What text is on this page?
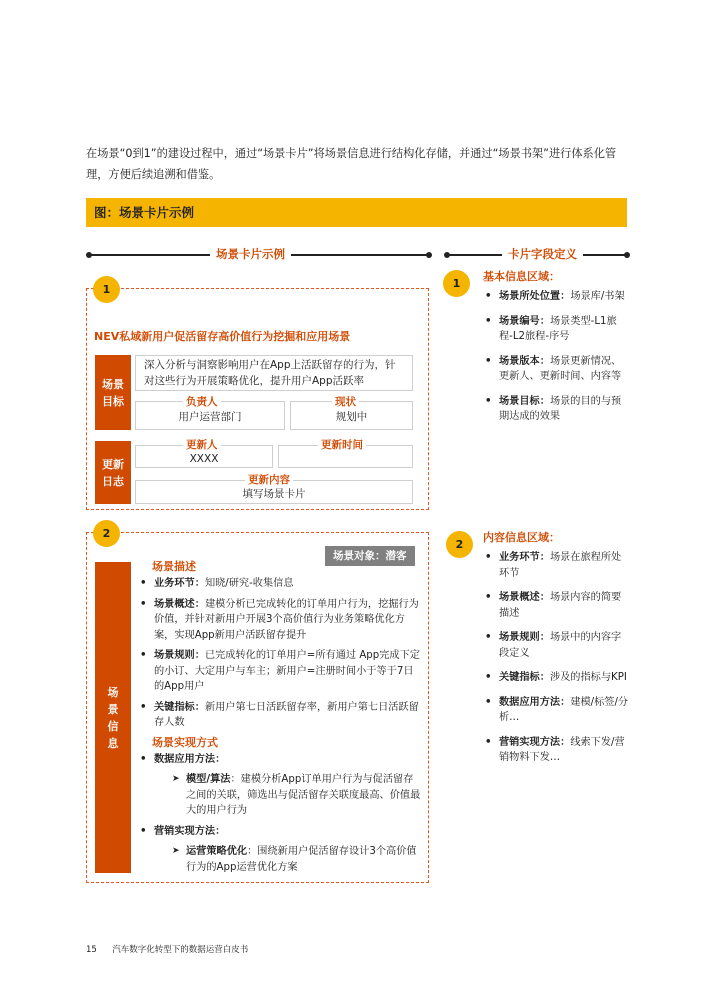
在场景“0到1”的建设过程中，通过“场景卡片”将场景信息进行结构化存储，并通过“场景书架”进行体系化管理，方便后续追溯和借鉴。
图：场景卡片示例
场景卡片示例	卡片字段定义
1
NEV私域新用户促活留存高价值行为挖掘和应用场景
场景目标
深入分析与洞察影响用户在App上活跃留存的行为，针对这些行为开展策略优化，提升用户App活跃率
用户运营部门
负责人
规划中
现状
更新日志
XXXX
更新人	更新时间
填写场景卡片
更新内容
2
场景对象：潜客
场景信息
场景描述
• 业务环节：知晓/研究-收集信息
• 场景概述：建模分析已完成转化的订单用户行为，挖掘行为价值，并针对新用户开展3个高价值行为业务策略优化方案，实现App新用户活跃留存提升
• 场景规则：已完成转化的订单用户=所有通过 App完成下定的小订、大定用户与车主；新用户=注册时间小于等于7日的App用户
• 关键指标：新用户第七日活跃留存率，新用户第七日活跃留存人数
场景实现方式
• 数据应用方法：
➤ 模型/算法：建模分析App订单用户行为与促活留存之间的关联，筛选出与促活留存关联度最高、价值最大的用户行为
• 营销实现方法：
➤ 运营策略优化：围绕新用户促活留存设计3个高价值行为的App运营优化方案
1
基本信息区域：
• 场景所处位置：场景库/书架
• 场景编号：场景类型-L1旅程-L2旅程-序号
• 场景版本：场景更新情况、更新人、更新时间、内容等
• 场景目标：场景的目的与预期达成的效果
2
内容信息区域：
• 业务环节：场景在旅程所处环节
• 场景概述：场景内容的简要描述
• 场景规则：场景中的内容字段定义
• 关键指标：涉及的指标与KPI
• 数据应用方法：建模/标签/分析…
• 营销实现方法：线索下发/营销物料下发…
15 汽车数字化转型下的数据运营白皮书
